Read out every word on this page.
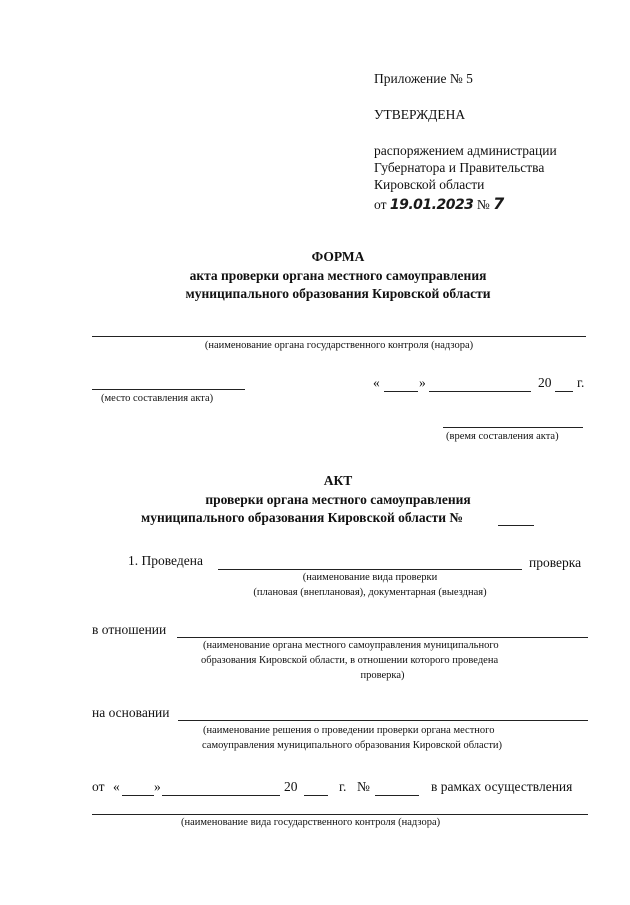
Приложение № 5
УТВЕРЖДЕНА
распоряжением администрации
Губернатора и Правительства
Кировской области
от 19.01.2023 № 7
ФОРМА
акта проверки органа местного самоуправления
муниципального образования Кировской области
(наименование органа государственного контроля (надзора)
(место составления акта)
«	»	20 г.
(время составления акта)
АКТ
проверки органа местного самоуправления
муниципального образования Кировской области №
1. Проведена	проверка
(наименование вида проверки
(плановая (внеплановая), документарная (выездная)
в отношении
(наименование органа местного самоуправления муниципального
образования Кировской области, в отношении которого проведена
проверка)
на основании
(наименование решения о проведении проверки органа местного
самоуправления муниципального образования Кировской области)
от «	»	20	г. №	в рамках осуществления
(наименование вида государственного контроля (надзора)
